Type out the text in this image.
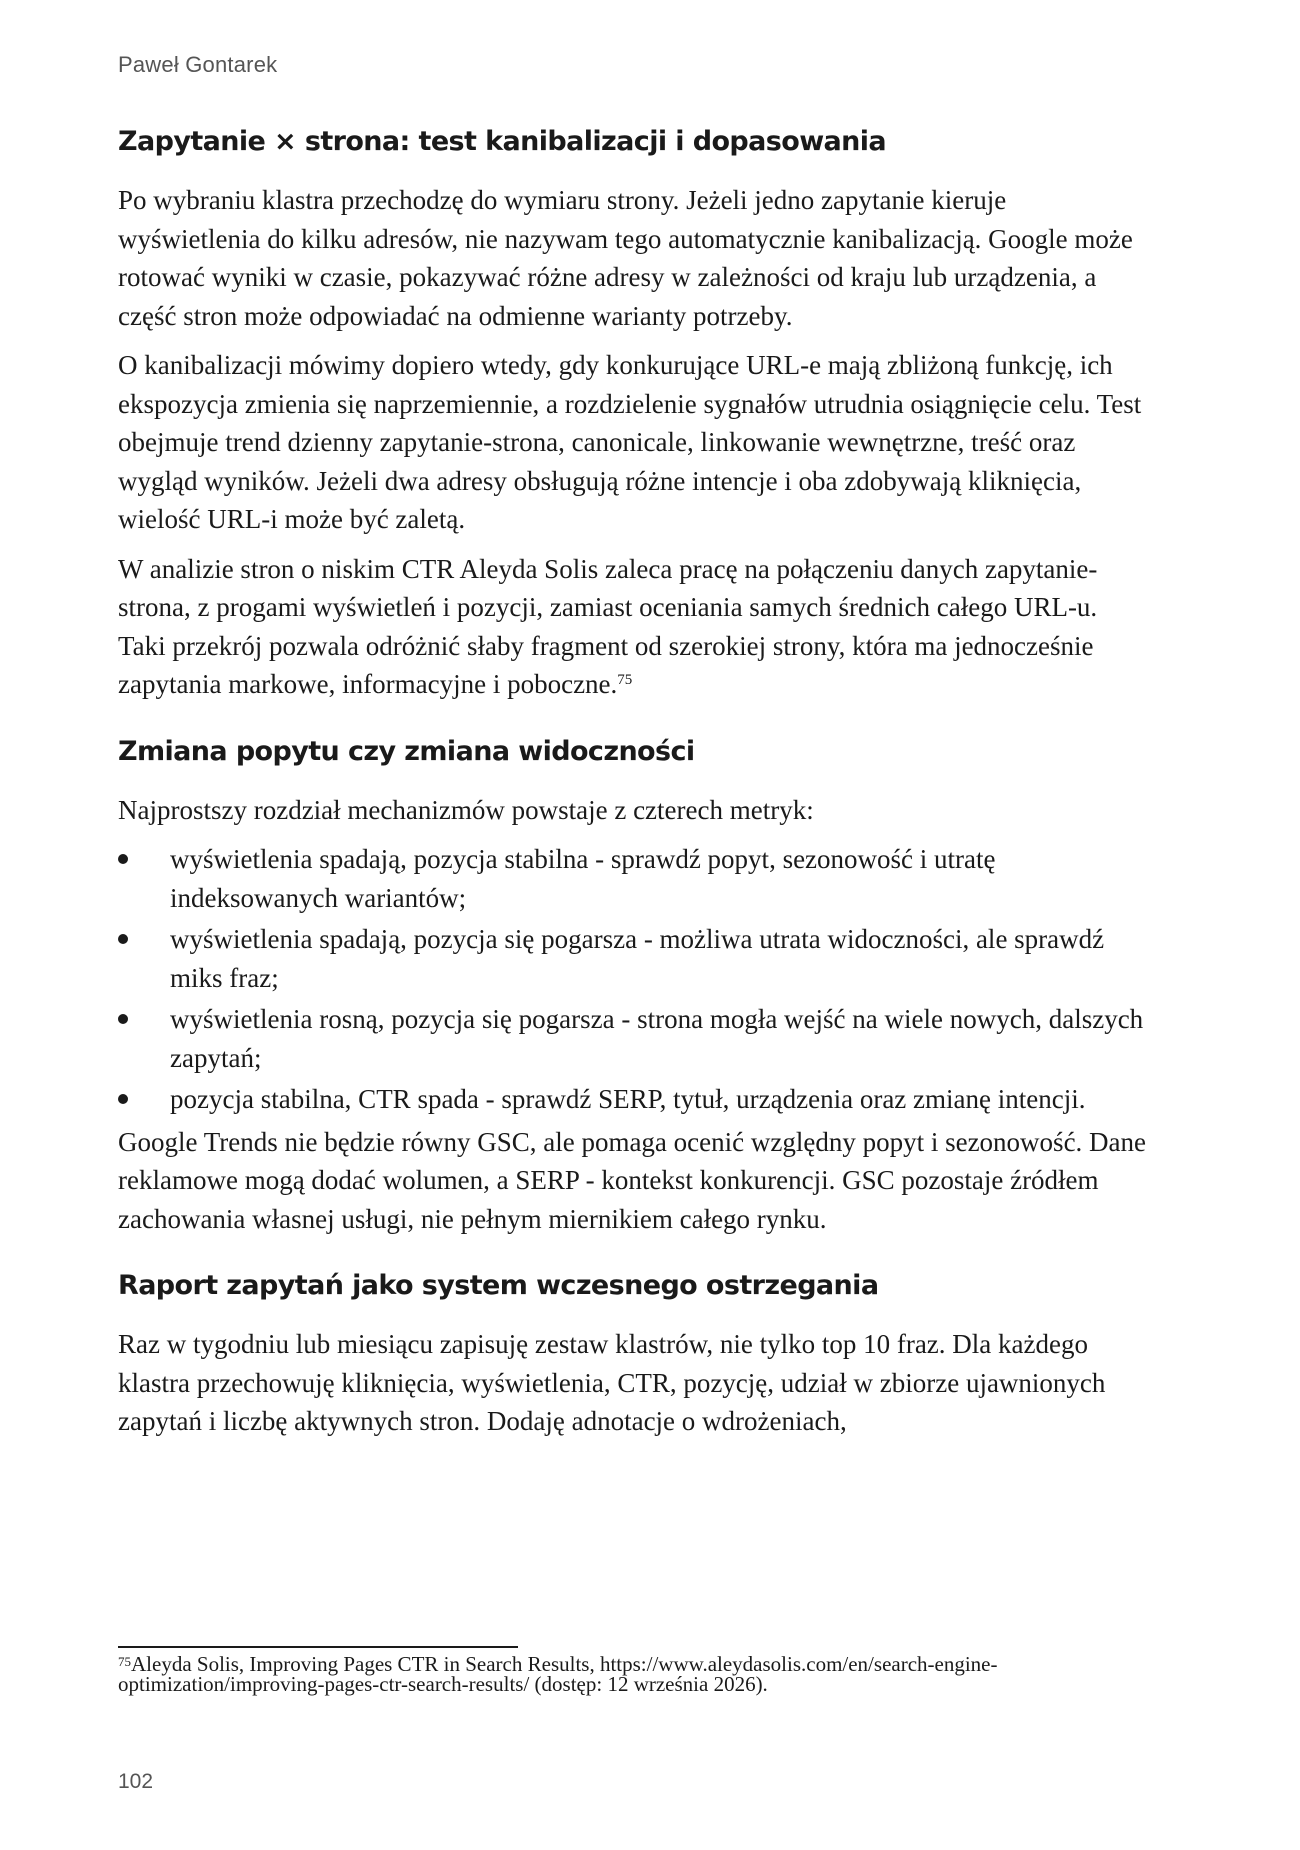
Paweł Gontarek
Zapytanie × strona: test kanibalizacji i dopasowania

Po wybraniu klastra przechodzę do wymiaru strony. Jeżeli jedno zapytanie kieruje wyświetlenia do kilku adresów, nie nazywam tego automatycznie kanibalizacją. Google może rotować wyniki w czasie, pokazywać różne adresy w zależności od kraju lub urządzenia, a część stron może odpowiadać na odmienne warianty potrzeby.

O kanibalizacji mówimy dopiero wtedy, gdy konkurujące URL-e mają zbliżoną funkcję, ich ekspozycja zmienia się naprzemiennie, a rozdzielenie sygnałów utrudnia osiągnięcie celu. Test obejmuje trend dzienny zapytanie-strona, canonicale, linkowanie wewnętrzne, treść oraz wygląd wyników. Jeżeli dwa adresy obsługują różne intencje i oba zdobywają kliknięcia, wielość URL-i może być zaletą.

W analizie stron o niskim CTR Aleyda Solis zaleca pracę na połączeniu danych zapytanie-strona, z progami wyświetleń i pozycji, zamiast oceniania samych średnich całego URL-u. Taki przekrój pozwala odróżnić słaby fragment od szerokiej strony, która ma jednocześnie zapytania markowe, informacyjne i poboczne.$^{75}$

Zmiana popytu czy zmiana widoczności

Najprostszy rozdział mechanizmów powstaje z czterech metryk:

wyświetlenia spadają, pozycja stabilna - sprawdź popyt, sezonowość i utratę indeksowanych wariantów;
wyświetlenia spadają, pozycja się pogarsza - możliwa utrata widoczności, ale sprawdź miks fraz;
wyświetlenia rosną, pozycja się pogarsza - strona mogła wejść na wiele nowych, dalszych zapytań;
pozycja stabilna, CTR spada - sprawdź SERP, tytuł, urządzenia oraz zmianę intencji.

Google Trends nie będzie równy GSC, ale pomaga ocenić względny popyt i sezonowość. Dane reklamowe mogą dodać wolumen, a SERP - kontekst konkurencji. GSC pozostaje źródłem zachowania własnej usługi, nie pełnym miernikiem całego rynku.

Raport zapytań jako system wczesnego ostrzegania

Raz w tygodniu lub miesiącu zapisuję zestaw klastrów, nie tylko top 10 fraz. Dla każdego klastra przechowuję kliknięcia, wyświetlenia, CTR, pozycję, udział w zbiorze ujawnionych zapytań i liczbę aktywnych stron. Dodaję adnotacje o wdrożeniach,

$^{75}$Aleyda Solis, Improving Pages CTR in Search Results, https://www.aleydasolis.com/en/search-engine-optimization/improving-pages-ctr-search-results/ (dostęp: 12 września 2026).
102
